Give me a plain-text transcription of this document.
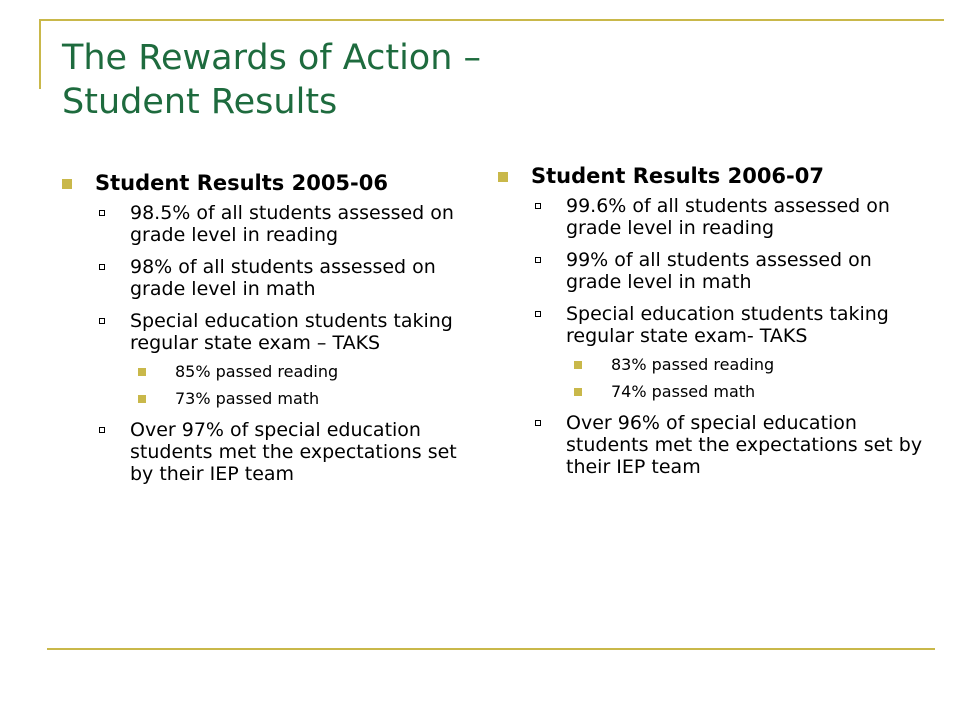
The Rewards of Action –
Student Results
Student Results 2005-06
98.5% of all students assessed on grade level in reading
98% of all students assessed on grade level in math
Special education students taking regular state exam – TAKS
85% passed reading
73% passed math
Over 97% of special education students met the expectations set by their IEP team
Student Results 2006-07
99.6% of all students assessed on grade level in reading
99% of all students assessed on grade level in math
Special education students taking regular state exam- TAKS
83% passed reading
74% passed math
Over 96% of special education students met the expectations set by their IEP team
